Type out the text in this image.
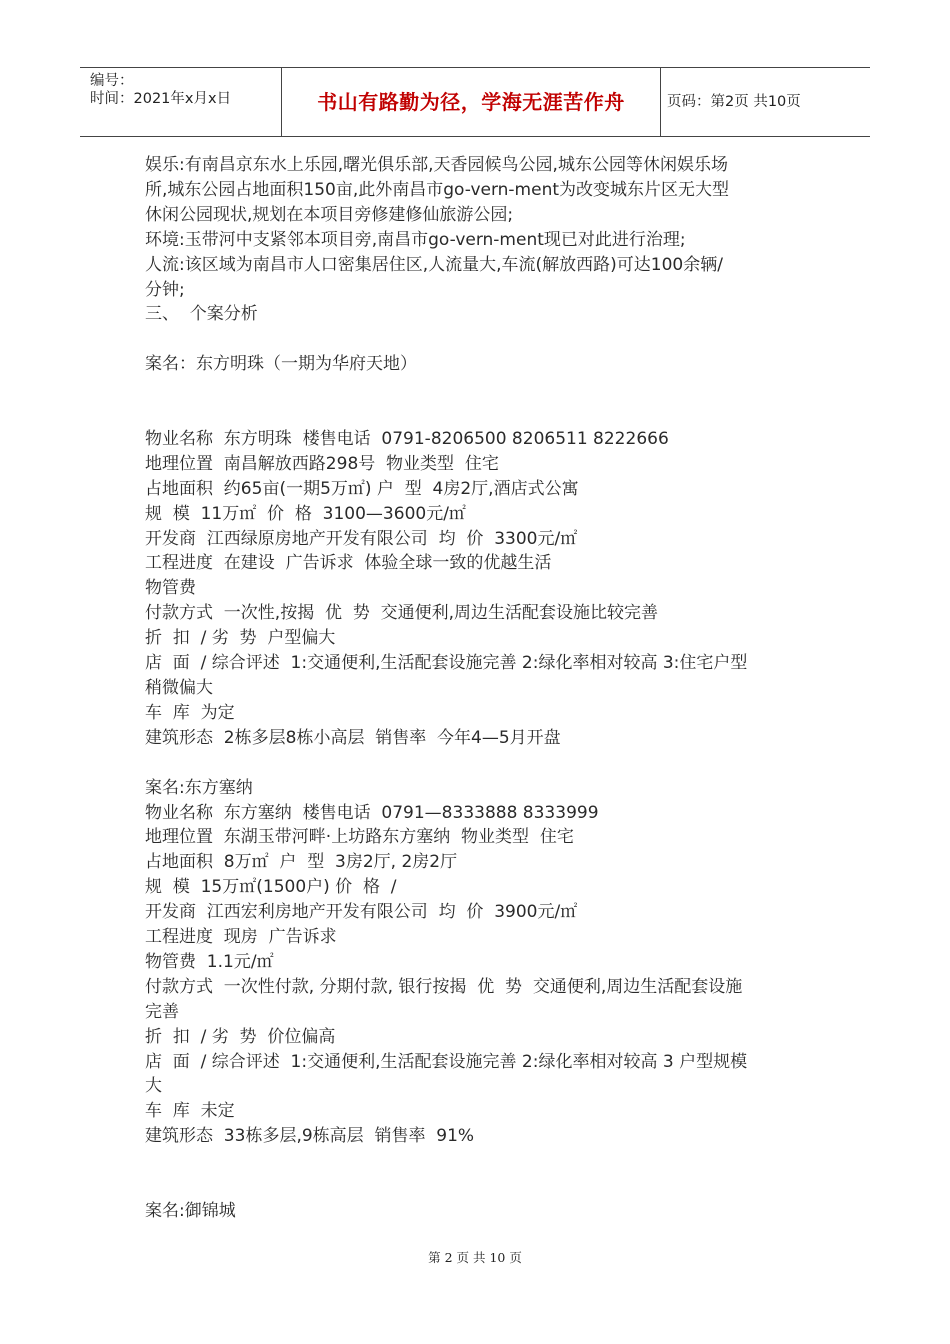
编号：
时间：2021年x月x日	书山有路勤为径，学海无涯苦作舟	页码：第2页 共10页
娱乐:有南昌京东水上乐园,曙光俱乐部,天香园候鸟公园,城东公园等休闲娱乐场
所,城东公园占地面积150亩,此外南昌市go-vern-ment为改变城东片区无大型
休闲公园现状,规划在本项目旁修建修仙旅游公园;
环境:玉带河中支紧邻本项目旁,南昌市go-vern-ment现已对此进行治理;
人流:该区域为南昌市人口密集居住区,人流量大,车流(解放西路)可达100余辆/
分钟;
三、  个案分析
案名：东方明珠（一期为华府天地）
物业名称  东方明珠  楼售电话  0791-8206500 8206511 8222666
地理位置  南昌解放西路298号  物业类型  住宅
占地面积  约65亩(一期5万㎡) 户  型  4房2厅,酒店式公寓
规  模  11万㎡  价  格  3100—3600元/㎡
开发商  江西绿原房地产开发有限公司  均  价  3300元/㎡
工程进度  在建设  广告诉求  体验全球一致的优越生活
物管费
付款方式  一次性,按揭  优  势  交通便利,周边生活配套设施比较完善
折  扣  / 劣  势  户型偏大
店  面  / 综合评述  1:交通便利,生活配套设施完善 2:绿化率相对较高 3:住宅户型
稍微偏大
车  库  为定
建筑形态  2栋多层8栋小高层  销售率  今年4—5月开盘
案名:东方塞纳
物业名称  东方塞纳  楼售电话  0791—8333888 8333999
地理位置  东湖玉带河畔·上坊路东方塞纳  物业类型  住宅
占地面积  8万㎡  户  型  3房2厅, 2房2厅
规  模  15万㎡(1500户) 价  格  /
开发商  江西宏利房地产开发有限公司  均  价  3900元/㎡
工程进度  现房  广告诉求
物管费  1.1元/㎡
付款方式  一次性付款, 分期付款, 银行按揭  优  势  交通便利,周边生活配套设施
完善
折  扣  / 劣  势  价位偏高
店  面  / 综合评述  1:交通便利,生活配套设施完善 2:绿化率相对较高 3 户型规模
大
车  库  未定
建筑形态  33栋多层,9栋高层  销售率  91%
案名:御锦城
第 2 页 共 10 页
